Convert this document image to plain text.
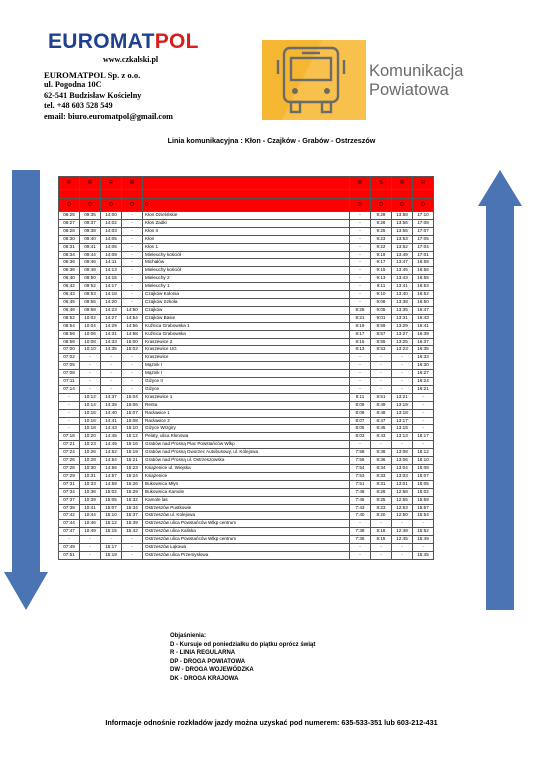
EUROMATPOL
www.czkalski.pl
EUROMATPOL Sp. z o.o.
ul. Pogodna 10C
62-541 Budzisław Kościelny
tel. +48 603 528 549
email: biuro.euromatpol@gmail.com
Komunikacja
Powiatowa
Linia komunikacyjna : Kłon - Czajków - Grabów - Ostrzeszów
R	R	R	R		R	S	R	R

D	D	D	D	D	D	D	D	D
06:25	09:35	14:00	-	Kłon Dzielińskie	-	9:28	13:58	17:10
06:27	09:37	14:02	-	Kłon Zadki	-	9:26	13:56	17:08
06:28	09:38	14:03	-	Kłon II	-	9:25	13:55	17:07
06:30	09:40	14:05	-	Kłon	-	9:23	13:53	17:05
06:31	09:41	14:06	-	Kłon 1	-	9:22	13:52	17:04
06:34	09:44	14:09	-	Mieleuchy kościół	-	9:19	13:49	17:01
06:36	09:46	14:11	-	Michałów	-	9:17	13:47	16:59
06:38	09:48	14:13	-	Mieleuchy kościół	-	9:15	13:45	16:56
06:40	09:50	14:15	-	Mieleuchy 2	-	9:13	13:43	16:55
06:42	09:52	14:17	-	Mieleuchy 1	-	9:11	13:41	16:53
06:43	09:53	14:18	-	Czajków Kolonia	-	9:10	13:40	16:52
06:45	09:55	14:20	-	Czajków Szkoła	-	9:08	13:38	16:50
06:48	09:58	14:23	14:50	Czajków	8:25	9:05	13:35	16:47
06:52	10:02	14:27	14:54	Czajków Basie	8:21	9:01	13:31	16:43
06:54	10:04	14:29	14:56	Kuźnica Grabowska 1	8:19	8:59	13:29	16:41
06:56	10:06	14:31	14:58	Kuźnica Grabowska	8:17	8:57	13:27	16:39
06:58	10:08	14:33	15:00	Kraszewice 2	8:15	8:55	13:25	16:37
07:00	10:10	14:35	15:02	Kraszewice UG	8:13	8:53	13:23	16:35
07:02	-	-	-	Kraszewice	-	-	-	16:33
07:05	-	-	-	Mąznik I	-	-	-	16:30
07:08	-	-	-	Mąznik I	-	-	-	16:27
07:11	-	-	-	Giżyce II	-	-	-	16:24
07:14	-	-	-	Giżyce	-	-	-	16:21
-	10:12	14:37	15:04	Kraszewice 1	8:11	8:51	13:21	-
-	10:14	14:39	15:06	Renta	8:09	8:49	13:19	-
-	10:15	14:40	15:07	Racławice 1	8:08	8:48	13:18	-
-	10:16	14:41	15:08	Racławice 2	8:07	8:47	13:17	-
-	10:18	14:43	15:10	Giżyce Wrzgiry	8:05	8:45	13:15	-
07:18	10:20	14:45	15:12	Pelaty, ulica Kłonowa	8:03	8:43	13:13	16:17
07:21	10:23	14:49	15:16	Grabów nad Prosną Plac Powstańców Wlkp	-	-	-	-
07:24	10:26	14:52	15:19	Grabów nad Prosną Dworzec Autobusowy, ul. Kolejowa	7:58	8:38	13:08	16:12
07:26	10:28	14:54	15:21	Grabów nad Prosną ul. Ostrzeszowska	7:56	8:36	13:06	16:10
07:28	10:30	14:56	15:23	Książenice ul. Wiejska	7:54	8:34	13:04	16:08
07:29	10:31	14:57	15:24	Książenice	7:53	8:33	13:03	16:07
07:31	10:33	14:59	15:26	Bukownica Młyn	7:51	8:31	13:01	16:05
07:34	10:36	15:02	15:29	Bukownica Kamole	7:48	8:28	12:58	16:02
07:37	10:39	15:05	15:32	Kamole las	7:45	8:25	12:55	15:59
07:39	10:41	15:07	15:34	Ostrzeszów Pustkowie	7:43	8:23	12:53	15:57
07:42	10:44	15:10	15:37	Ostrzeszów ul. Kolejowa	7:40	8:20	12:50	15:54
07:44	10:46	15:12	15:39	Ostrzeszów ulica Powstańców Wlkp centrum	-	-	-	-
07:47	10:49	15:15	15:42	Ostrzeszów ulica Kaliska	7:38	8:18	12:48	15:52
-	-	-	-	Ostrzeszów ulica Powstańców Wlkp centrum	7:35	8:15	12:45	15:49
07:49	-	15:17	-	Ostrzeszów Łąkowa	-	-	-	-
07:51	-	15:19	-	Ostrzeszów ulica Przemysłowa	-	-	-	15:45
Objaśnienia:
D - Kursuje od poniedziałku do piątku oprócz świąt
R - LINIA REGULARNA
DP - DROGA POWIATOWA
DW - DROGA WOJEWÓDZKA
DK - DROGA KRAJOWA
Informacje odnośnie rozkładów jazdy można uzyskać pod numerem: 635-533-351 lub 603-212-431
